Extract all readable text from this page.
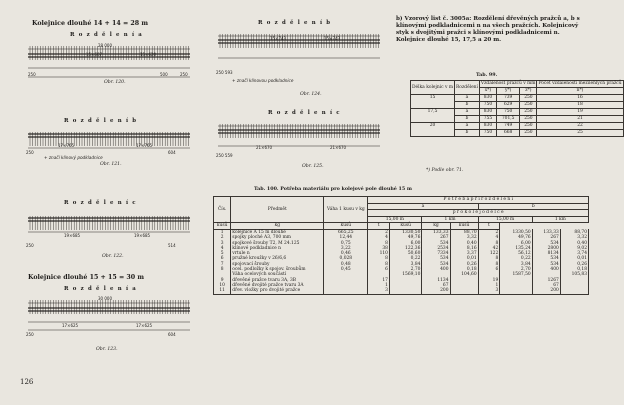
Kolejnice dlouhé 14 + 14 = 28 m
R o z d ě l e n í a
28 000
15×607	15×620
250	500	250
Obr. 120.
R o z d ě l e n í b
17×765	17×765
250	604
+ značí klínový podkladnice
Obr. 121.
R o z d ě l e n í c
19×685	19×685
250	514
Obr. 122.
Kolejnice dlouhé 15 + 15 = 30 m
R o z d ě l e n í a
30 000
17×625	17×625
250	604
Obr. 123.
126
R o z d ě l e n í b
15×743	15×743
250 593
+ značí klínovou podkladnice
Obr. 124.
R o z d ě l e n í c
21×670	21×670
250 559
Obr. 125.
b) Vzorový list č. 3005a: Rozdělení dřevěných pražců a, b s klínovými podkladnicemi n na všech pražcích. Kolejnicový styk s dvojitými pražci s klínovými podkladnicemi n. Kolejnice dlouhé 15, 17,5 a 20 m.
Tab. 99.
Délka kolejnic v m	Rozdělení	Vzdálenost pražců v mm			Počet vzdáleností mezilehlých pražců
		x*)	y*)	z*)	n*)
15	a	830	739	250	16
	b	750	629	250	18
17,5	a	830	750	250	19
	b	755	701,5	250	21
20	a	830	749	250	22
	b	750	668	250	25
*) Podle obr. 71.
Tab. 100. Potřeba materiálu pro kolejové pole dlouhé 15 m
Čís.	Předmět	Váha 1 kusu v kg	P o t ř e b a p ř i r o z d ě l e n í							
			a				b			
			p r o k o l e j o d é l c e							
			15,00 m		1 km		15,00 m		1 km	
kusů	kg	kusů	t	kusů	kg	kusů	t			
1	kolejnice A 15 m dlouhé	665,25	2	1330,50	133,33	88,70	2	1330,50	133,33	88,70
2	spojky ploché A3, 700 mm	12,44	4	49,76	267	3,32	4	49,76	267	3,32
3	spojkové šrouby T2, M 24.125	0,75	8	6,00	534	0,40	8	6,00	534	0,40
4	klínové podkladnice n	3,22	38	122,36	2534	8,16	42	135,24	2800	9,02
5	vrtule n	0,46	110	50,60	7334	3,37	122	56,12	8134	3,74
6	pružné kroužky v 26/6,6	0,028	8	0,22	534	0,01	8	0,22	534	0,01
7	spojovací šrouby	0,48	8	3,84	534	0,26	8	3,84	534	0,26
8	ocel. podložky k spojov. šroubům	0,45	6	2,70	400	0,18	6	2,70	400	0,18
	Váha ocelových součástí			1569,10		104,60		1587,50		105,83
9	dřevěné pražce tvaru 3A, 3B		17		1134		19		1267	
10	dřevěné dvojité pražce tvaru 3A		1		67		1		67	
11	dřev. vložky pro dvojité pražce		3		200		3		200	
